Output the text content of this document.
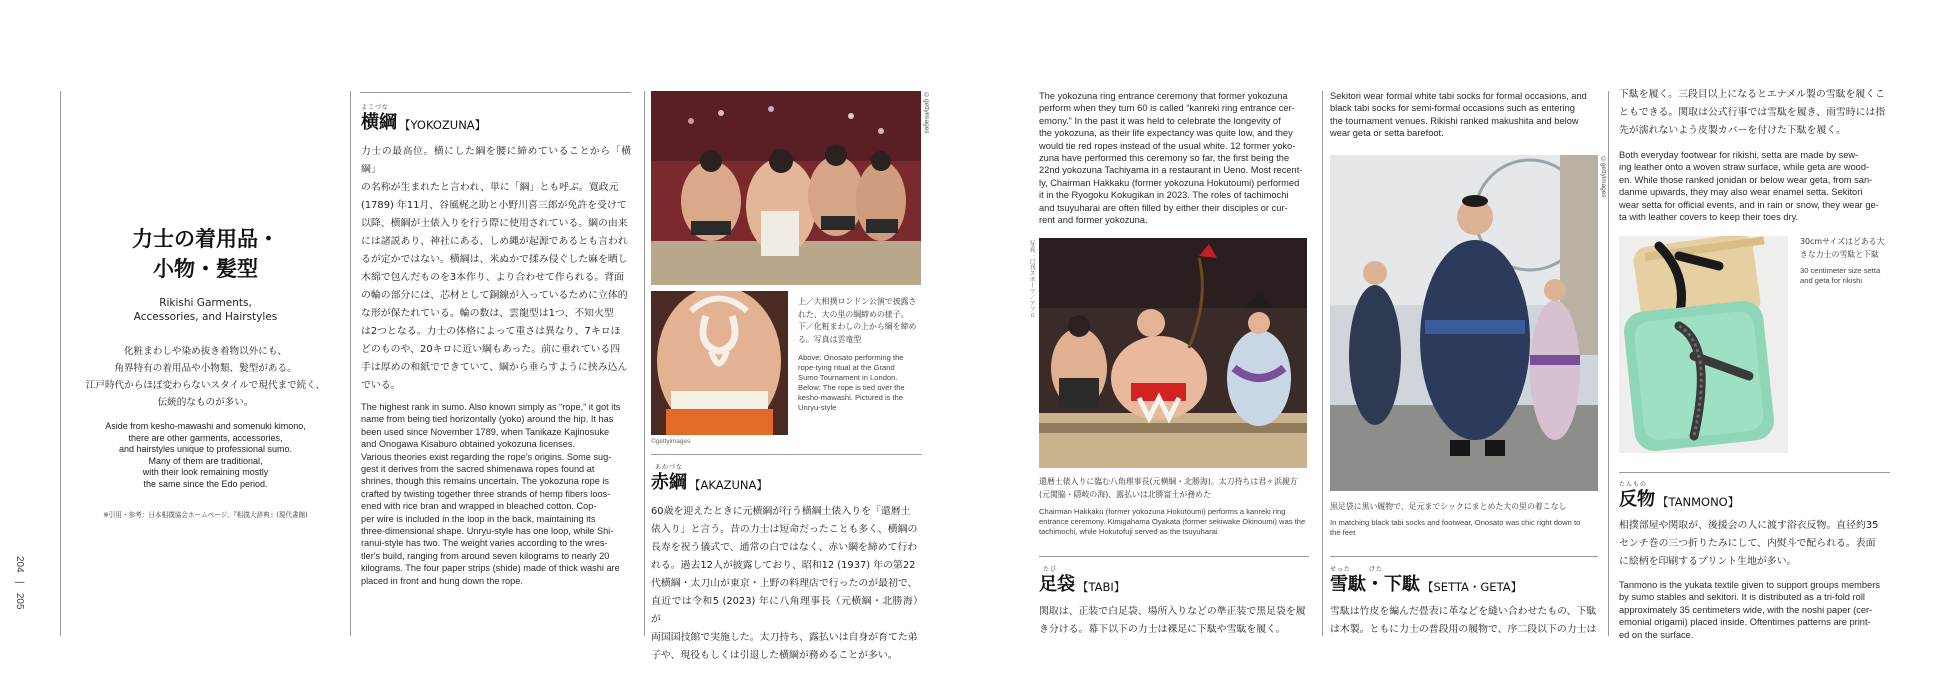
204 | 205
力士の着用品・
小物・髪型
Rikishi Garments,
Accessories, and Hairstyles
化粧まわしや染め抜き着物以外にも、
角界特有の着用品や小物類、髪型がある。
江戸時代からほぼ変わらないスタイルで現代まで続く、
伝統的なものが多い。
Aside from kesho-mawashi and somenuki kimono,
there are other garments, accessories,
and hairstyles unique to professional sumo.
Many of them are traditional,
with their look remaining mostly
the same since the Edo period.
※引用・参考：日本相撲協会ホームページ、『相撲大辞典』(現代書館)
よこづな
横綱 【YOKOZUNA】
力士の最高位。横にした綱を腰に締めていることから「横綱」
の名称が生まれたと言われ、単に「綱」とも呼ぶ。寛政元
(1789) 年11月、谷風梶之助と小野川喜三郎が免許を受けて
以降、横綱が土俵入りを行う際に使用されている。綱の由来
には諸説あり、神社にある、しめ縄が起源であるとも言われ
るが定かではない。横綱は、米ぬかで揉み侵ぐした麻を晒し
木綿で包んだものを3本作り、より合わせて作られる。背面
の輪の部分には、芯材として銅線が入っているために立体的
な形が保たれている。輪の数は、雲龍型は1つ、不知火型
は2つとなる。力士の体格によって重さは異なり、7キロほ
どのものや、20キロに近い綱もあった。前に垂れている四
手は厚めの和紙でできていて、綱から垂らすように挟み込ん
でいる。
The highest rank in sumo. Also known simply as “rope,” it got its
name from being tied horizontally (yoko) around the hip. It has
been used since November 1789, when Tanikaze Kajinosuke
and Onogawa Kisaburo obtained yokozuna licenses.
Various theories exist regarding the rope's origins. Some sug-
gest it derives from the sacred shimenawa ropes found at
shrines, though this remains uncertain. The yokozuna rope is
crafted by twisting together three strands of hemp fibers loos-
ened with rice bran and wrapped in bleached cotton. Cop-
per wire is included in the loop in the back, maintaining its
three-dimensional shape. Unryu-style has one loop, while Shi-
ranui-style has two. The weight varies according to the wres-
tler's build, ranging from around seven kilograms to nearly 20
kilograms. The four paper strips (shide) made of thick washi are
placed in front and hung down the rope.
©gettyimages
上／大相撲ロンドン公演で披露さ
れた、大の里の綱締めの様子。
下／化粧まわしの上から綱を締め
る。写真は雲竜型
Above: Onosato performing the
rope-tying ritual at the Grand
Sumo Tournament in London.
Below: The rope is tied over the
kesho-mawashi. Pictured is the
Unryu-style
©gettyimages
あかづな
赤綱 【AKAZUNA】
60歳を迎えたときに元横綱が行う横綱土俵入りを「還暦土
俵入り」と言う。昔の力士は短命だったことも多く、横綱の
長寿を祝う儀式で、通常の白ではなく、赤い綱を締めて行わ
れる。過去12人が披露しており、昭和12 (1937) 年の第22
代横綱・太刀山が東京・上野の料理店で行ったのが最初で、
直近では令和5 (2023) 年に八角理事長（元横綱・北勝海）が
両国国技館で実施した。太刀持ち、露払いは自身が育てた弟
子や、現役もしくは引退した横綱が務めることが多い。
The yokozuna ring entrance ceremony that former yokozuna
perform when they turn 60 is called “kanreki ring entrance cer-
emony.” In the past it was held to celebrate the longevity of
the yokozuna, as their life expectancy was quite low, and they
would tie red ropes instead of the usual white. 12 former yoko-
zuna have performed this ceremony so far, the first being the
22nd yokozuna Tachiyama in a restaurant in Ueno. Most recent-
ly, Chairman Hakkaku (former yokozuna Hokutoumi) performed
it in the Ryogoku Kokugikan in 2023. The roles of tachimochi
and tsuyuharai are often filled by either their disciples or cur-
rent and former yokozuna.
写真：日刊スポーツ／アフロ
還暦土俵入りに臨む八角理事長(元横綱・北勝海)。太刀持ちは君ヶ浜親方
(元関脇・隠岐の海)、露払いは北勝富士が務めた
Chairman Hakkaku (former yokozuna Hokutoumi) performs a kanreki ring
entrance ceremony. Kimigahama Oyakata (former sekiwake Okinoumi) was the
tachimochi, while Hokutofuji served as the tsuyuharai
たび
足袋 【TABI】
関取は、正装で白足袋、場所入りなどの準正装で黒足袋を履
き分ける。幕下以下の力士は裸足に下駄や雪駄を履く。
Sekitori wear formal white tabi socks for formal occasions, and
black tabi socks for semi-formal occasions such as entering
the tournament venues. Rikishi ranked makushita and below
wear geta or setta barefoot.
©gettyimages
黒足袋に黒い履物で、足元までシックにまとめた大の里の着こなし
In matching black tabi socks and footwear, Onosato was chic right down to
the feet
せった	げた
雪駄・下駄 【SETTA・GETA】
雪駄は竹皮を編んだ畳表に革などを縫い合わせたもの、下駄
は木製。ともに力士の普段用の履物で、序二段以下の力士は
下駄を履く。三段目以上になるとエナメル製の雪駄を履くこ
ともできる。関取は公式行事では雪駄を履き、雨雪時には指
先が濡れないよう皮製カバーを付けた下駄を履く。
Both everyday footwear for rikishi, setta are made by sew-
ing leather onto a woven straw surface, while geta are wood-
en. While those ranked jonidan or below wear geta, from san-
danme upwards, they may also wear enamel setta. Sekitori
wear setta for official events, and in rain or snow, they wear ge-
ta with leather covers to keep their toes dry.
30cmサイズはどある大
きな力士の雪駄と下駄
30 centimeter size setta
and geta for rikishi
たんもの
反物 【TANMONO】
相撲部屋や関取が、後援会の人に渡す浴衣反物。直径約35
センチ巻の三つ折りたみにして、内熨斗で配られる。表面
に絵柄を印刷するプリント生地が多い。
Tanmono is the yukata textile given to support groups members
by sumo stables and sekitori. It is distributed as a tri-fold roll
approximately 35 centimeters wide, with the noshi paper (cer-
emonial origami) placed inside. Oftentimes patterns are print-
ed on the surface.
